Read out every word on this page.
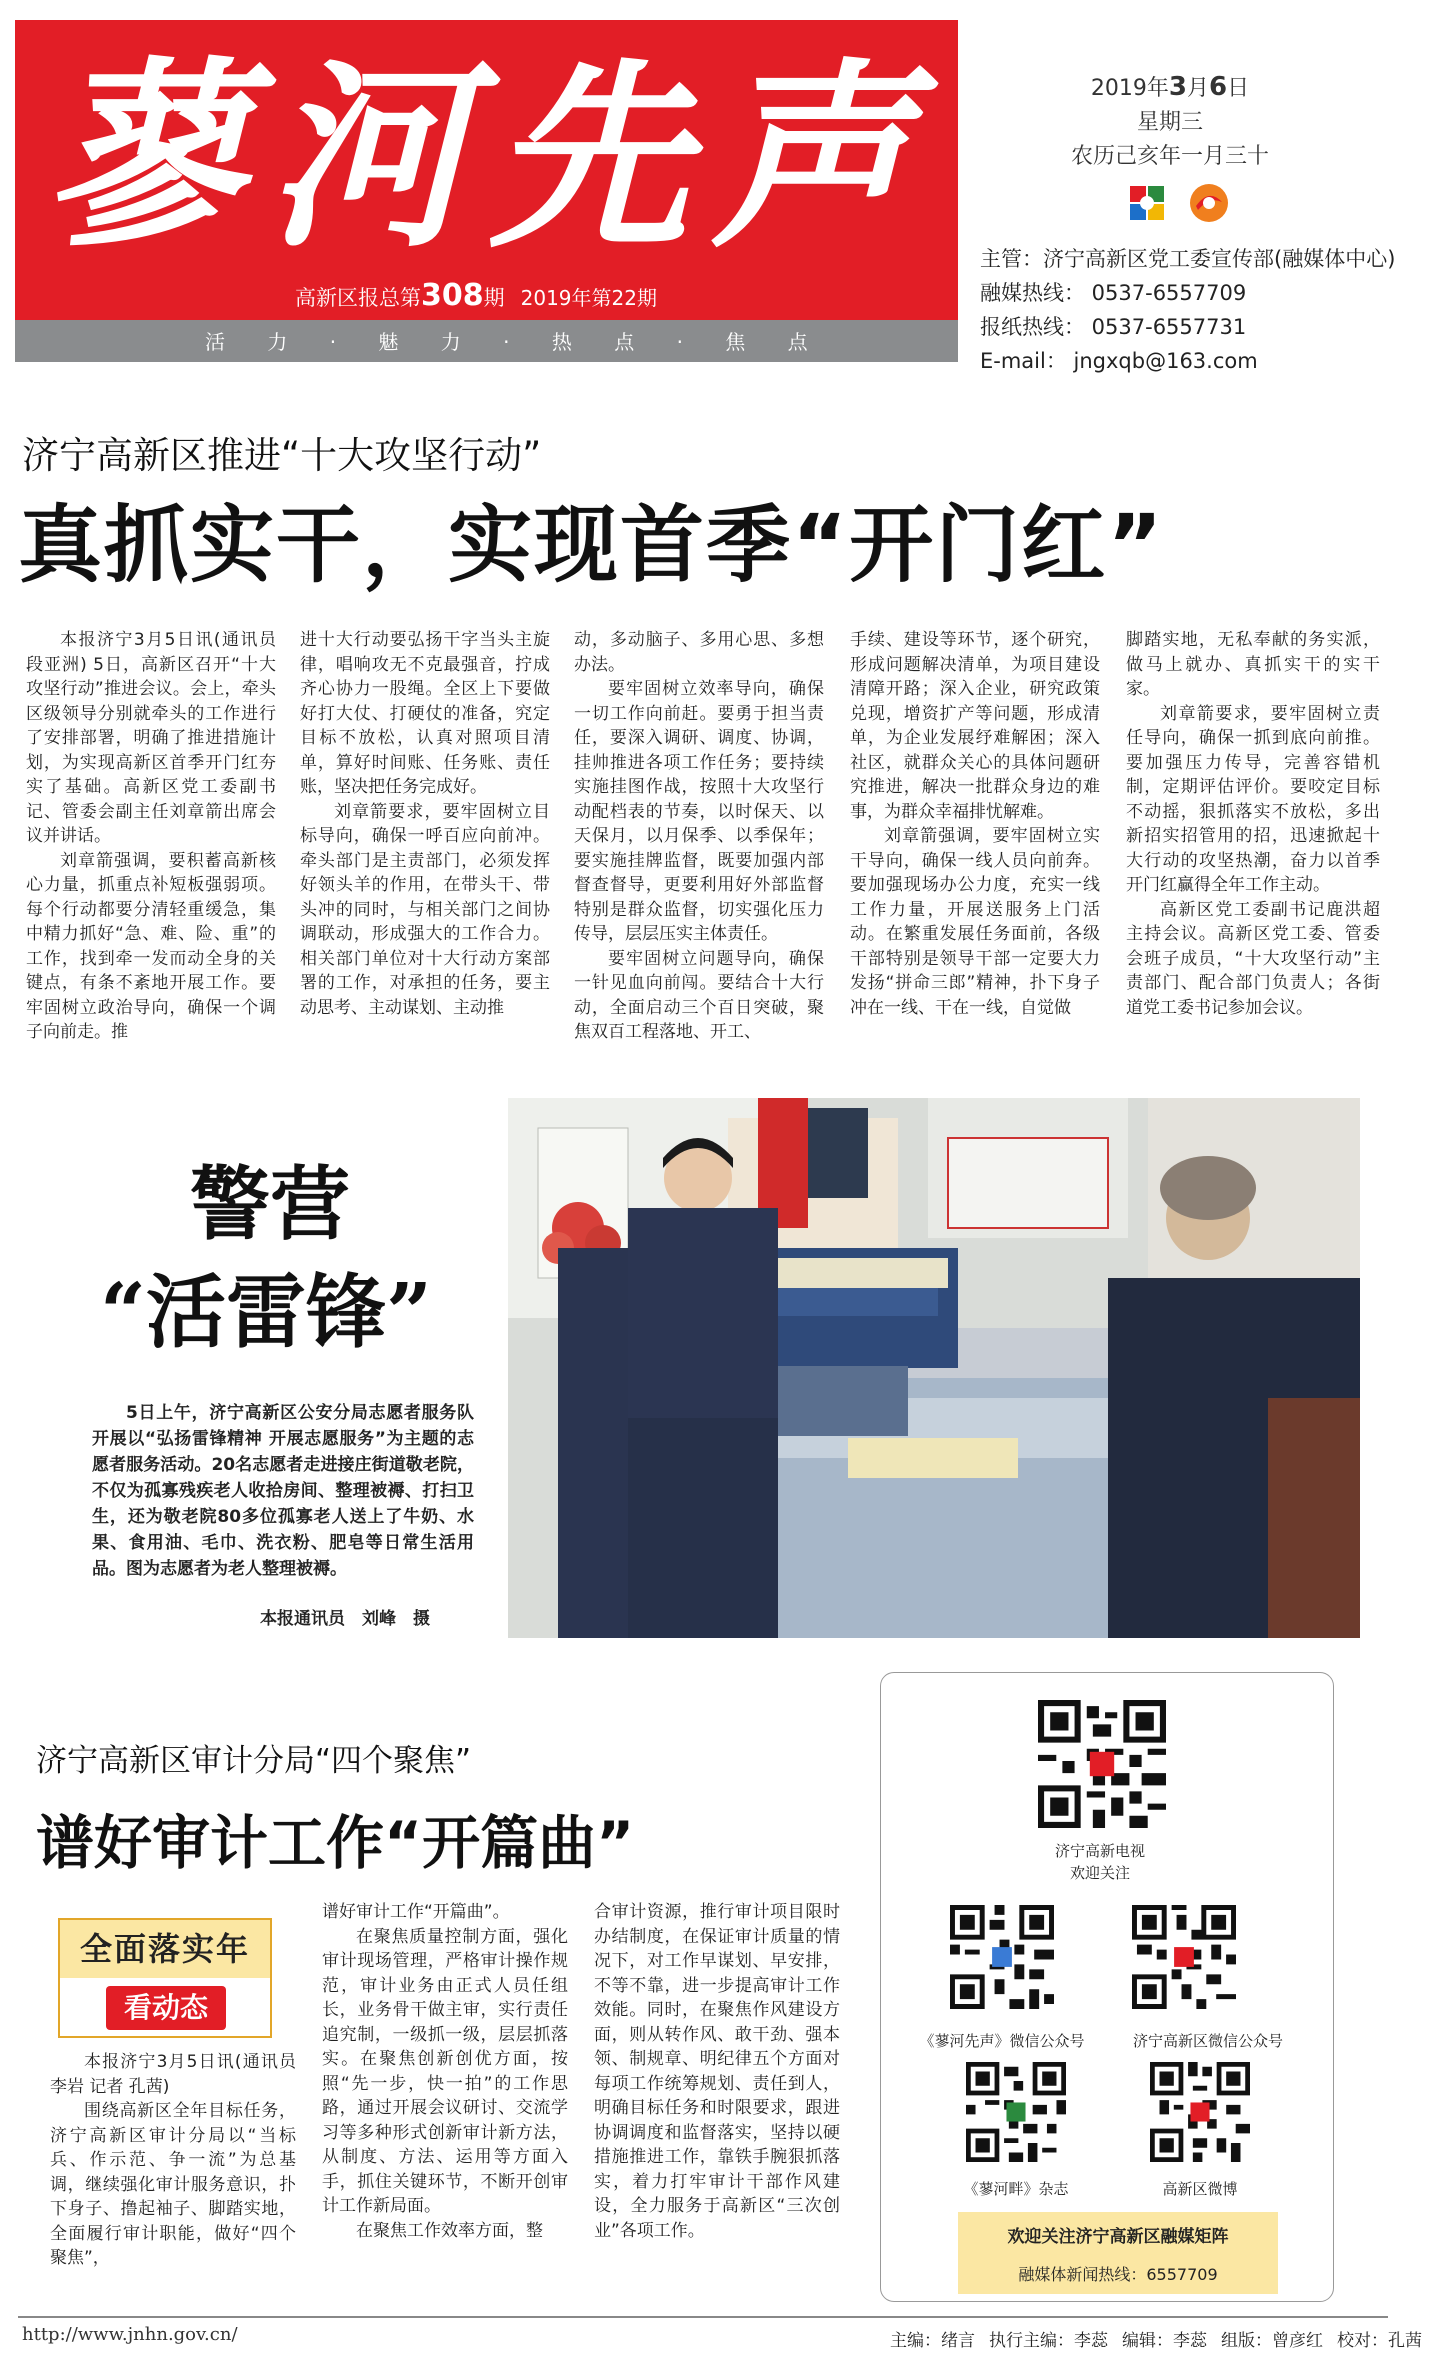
蓼河先声
高新区报总第308期 2019年第22期
活 力 · 魅 力 · 热 点 · 焦 点
2019年3月6日
星期三
农历己亥年一月三十
主管：济宁高新区党工委宣传部(融媒体中心)
融媒热线： 0537-6557709
报纸热线： 0537-6557731
E-mail： jngxqb@163.com
济宁高新区推进“十大攻坚行动”
真抓实干，实现首季“开门红”

本报济宁3月5日讯(通讯员 段亚洲) 5日，高新区召开“十大攻坚行动”推进会议。会上，牵头区级领导分别就牵头的工作进行了安排部署，明确了推进措施计划，为实现高新区首季开门红夯实了基础。高新区党工委副书记、管委会副主任刘章箭出席会议并讲话。

刘章箭强调，要积蓄高新核心力量，抓重点补短板强弱项。每个行动都要分清轻重缓急，集中精力抓好“急、难、险、重”的工作，找到牵一发而动全身的关键点，有条不紊地开展工作。要牢固树立政治导向，确保一个调子向前走。推

进十大行动要弘扬干字当头主旋律，唱响攻无不克最强音，拧成齐心协力一股绳。全区上下要做好打大仗、打硬仗的准备，究定目标不放松，认真对照项目清单，算好时间账、任务账、责任账，坚决把任务完成好。

刘章箭要求，要牢固树立目标导向，确保一呼百应向前冲。牵头部门是主责部门，必须发挥好领头羊的作用，在带头干、带头冲的同时，与相关部门之间协调联动，形成强大的工作合力。相关部门单位对十大行动方案部署的工作，对承担的任务，要主动思考、主动谋划、主动推

动，多动脑子、多用心思、多想办法。

要牢固树立效率导向，确保一切工作向前赶。要勇于担当责任，要深入调研、调度、协调，挂帅推进各项工作任务；要持续实施挂图作战，按照十大攻坚行动配档表的节奏，以时保天、以天保月，以月保季、以季保年；要实施挂牌监督，既要加强内部督查督导，更要利用好外部监督特别是群众监督，切实强化压力传导，层层压实主体责任。

要牢固树立问题导向，确保一针见血向前闯。要结合十大行动，全面启动三个百日突破，聚焦双百工程落地、开工、

手续、建设等环节，逐个研究，形成问题解决清单，为项目建设清障开路；深入企业，研究政策兑现，增资扩产等问题，形成清单，为企业发展纾难解困；深入社区，就群众关心的具体问题研究推进，解决一批群众身边的难事，为群众幸福排忧解难。

刘章箭强调，要牢固树立实干导向，确保一线人员向前奔。要加强现场办公力度，充实一线工作力量，开展送服务上门活动。在繁重发展任务面前，各级干部特别是领导干部一定要大力发扬“拼命三郎”精神，扑下身子冲在一线、干在一线，自觉做

脚踏实地，无私奉献的务实派，做马上就办、真抓实干的实干家。

刘章箭要求，要牢固树立责任导向，确保一抓到底向前推。要加强压力传导，完善容错机制，定期评估评价。要咬定目标不动摇，狠抓落实不放松，多出新招实招管用的招，迅速掀起十大行动的攻坚热潮，奋力以首季开门红赢得全年工作主动。

高新区党工委副书记鹿洪超主持会议。高新区党工委、管委会班子成员，“十大攻坚行动”主责部门、配合部门负责人；各街道党工委书记参加会议。

警营
“活雷锋”

5日上午，济宁高新区公安分局志愿者服务队开展以“弘扬雷锋精神 开展志愿服务”为主题的志愿者服务活动。20名志愿者走进接庄街道敬老院，不仅为孤寡残疾老人收拾房间、整理被褥、打扫卫生，还为敬老院80多位孤寡老人送上了牛奶、水果、食用油、毛巾、洗衣粉、肥皂等日常生活用品。图为志愿者为老人整理被褥。

本报通讯员　刘峰　摄
济宁高新区审计分局“四个聚焦”
谱好审计工作“开篇曲”
全面落实年
看动态

本报济宁3月5日讯(通讯员 李岩 记者 孔茜)

围绕高新区全年目标任务，济宁高新区审计分局以“当标兵、作示范、争一流”为总基调，继续强化审计服务意识，扑下身子、撸起袖子、脚踏实地，全面履行审计职能，做好“四个聚焦”，

谱好审计工作“开篇曲”。

在聚焦质量控制方面，强化审计现场管理，严格审计操作规范，审计业务由正式人员任组长，业务骨干做主审，实行责任追究制，一级抓一级，层层抓落实。在聚焦创新创优方面，按照“先一步，快一拍”的工作思路，通过开展会议研讨、交流学习等多种形式创新审计新方法，从制度、方法、运用等方面入手，抓住关键环节，不断开创审计工作新局面。

在聚焦工作效率方面，整

合审计资源，推行审计项目限时办结制度，在保证审计质量的情况下，对工作早谋划、早安排，不等不靠，进一步提高审计工作效能。同时，在聚焦作风建设方面，则从转作风、敢干劲、强本领、制规章、明纪律五个方面对每项工作统筹规划、责任到人，明确目标任务和时限要求，跟进协调调度和监督落实，坚持以硬措施推进工作，靠铁手腕狠抓落实，着力打牢审计干部作风建设，全力服务于高新区“三次创业”各项工作。

济宁高新电视
欢迎关注
《蓼河先声》微信公众号	济宁高新区微信公众号
《蓼河畔》杂志	高新区微博
欢迎关注济宁高新区融媒矩阵
融媒体新闻热线：6557709
http://www.jnhn.gov.cn/	主编：绪言 执行主编：李蕊 编辑：李蕊 组版：曾彦红 校对：孔茜
